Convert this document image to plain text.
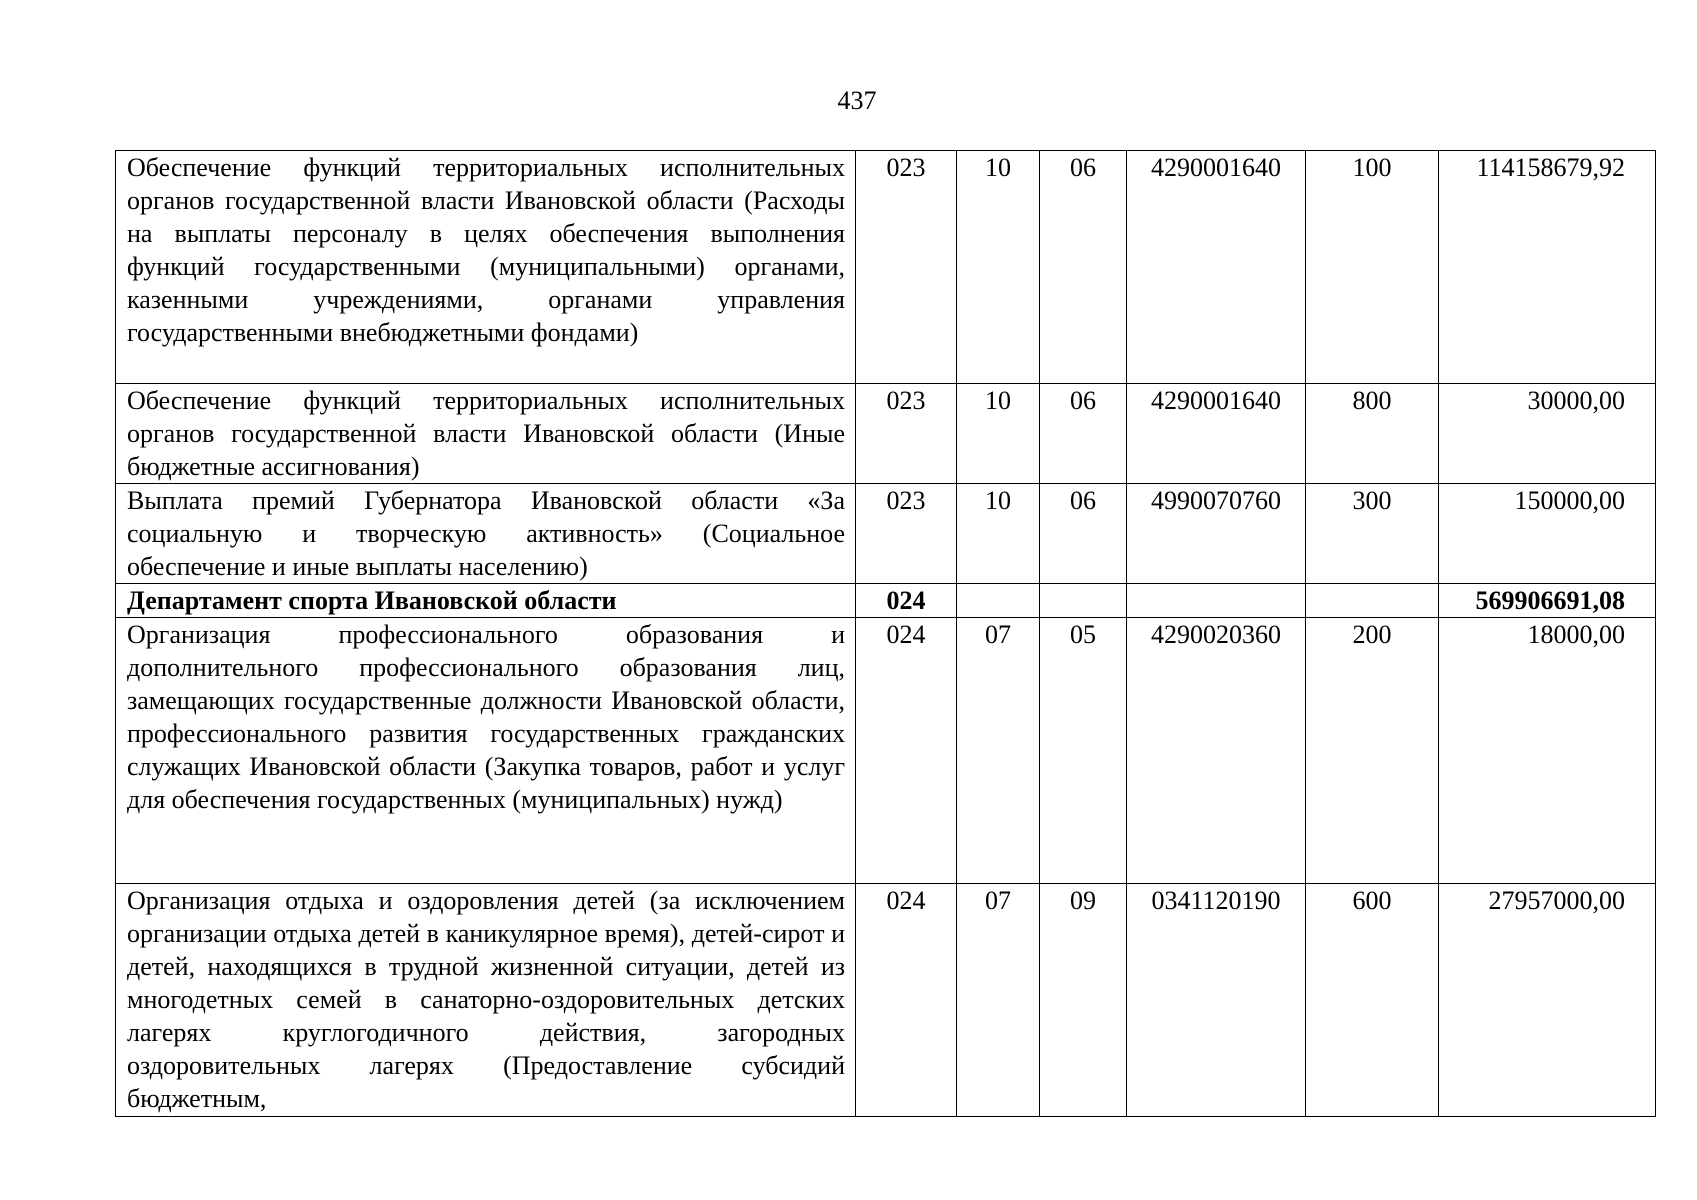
437
Обеспечение функций территориальных исполнительных органов государственной власти Ивановской области (Расходы на выплаты персоналу в целях обеспечения выполнения функций государственными (муниципальными) органами, казенными учреждениями, органами управления государственными внебюджетными фондами)	023	10	06	4290001640	100	114158679,92
Обеспечение функций территориальных исполнительных органов государственной власти Ивановской области (Иные бюджетные ассигнования)	023	10	06	4290001640	800	30000,00
Выплата премий Губернатора Ивановской области «За социальную и творческую активность» (Социальное обеспечение и иные выплаты населению)	023	10	06	4990070760	300	150000,00
Департамент спорта Ивановской области	024					569906691,08
Организация профессионального образования и дополнительного профессионального образования лиц, замещающих государственные должности Ивановской области, профессионального развития государственных гражданских служащих Ивановской области (Закупка товаров, работ и услуг для обеспечения государственных (муниципальных) нужд)	024	07	05	4290020360	200	18000,00
Организация отдыха и оздоровления детей (за исключением организации отдыха детей в каникулярное время), детей-сирот и детей, находящихся в трудной жизненной ситуации, детей из многодетных семей в санаторно-оздоровительных детских лагерях круглогодичного действия, загородных оздоровительных лагерях (Предоставление субсидий бюджетным,	024	07	09	0341120190	600	27957000,00
